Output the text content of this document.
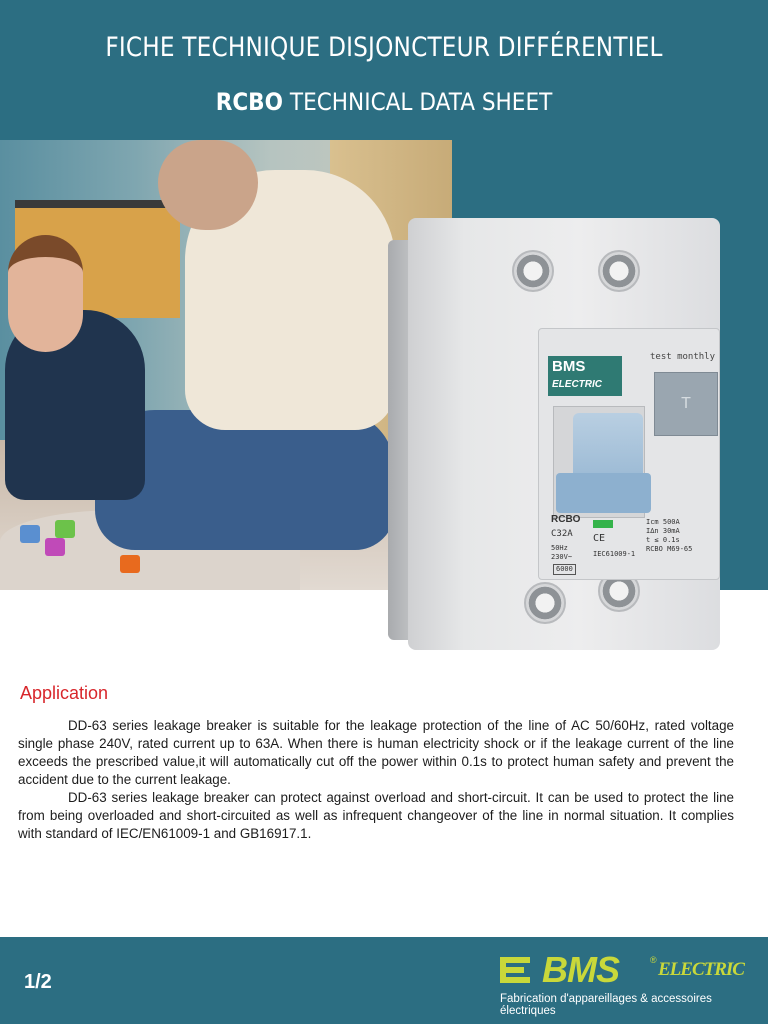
FICHE TECHNIQUE DISJONCTEUR DIFFÉRENTIEL
RCBO TECHNICAL DATA SHEET
BMS
ELECTRIC
test monthly
T
RCBO
C32A
50Hz
230V~
6000
CE
IEC61009-1
Icm 500A
I∆n 30mA
t ≤ 0.1s
RCBO M69-65
Application

DD-63 series leakage breaker is suitable for the leakage protection of the line of AC 50/60Hz, rated voltage single phase 240V, rated current up to 63A. When there is human electricity shock or if the leakage current of the line exceeds the prescribed value,it will automatically cut off the power within 0.1s to protect human safety and prevent the accident due to the current leakage.

DD-63 series leakage breaker can protect against overload and short-circuit. It can be used to protect the line from being overloaded and short-circuited as well as infrequent changeover of the line in normal situation. It complies with standard of IEC/EN61009-1 and GB16917.1.

1/2	BMS	® ELECTRIC
Fabrication d'appareillages & accessoires électriques
